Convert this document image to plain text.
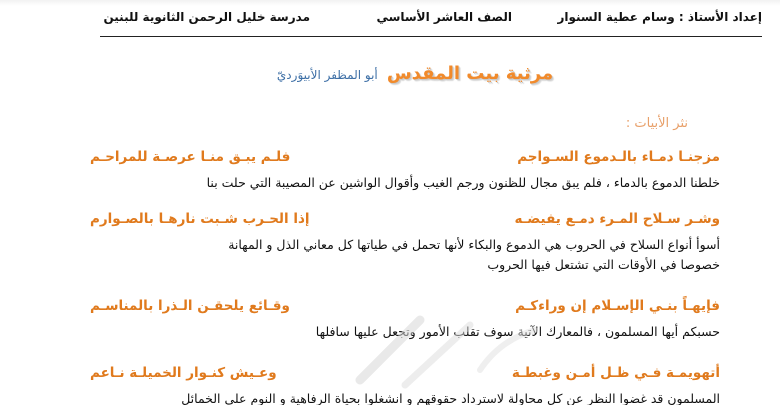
إعداد الأستاذ : وسام عطية السنوار
الصف العاشر الأساسي
مدرسة خليل الرحمن الثانوية للبنين
مرثية بيت المقدس أبو المظفر الأبيوَرديّ
نثر الأبيات :
مزجنـا دمـاء بالـدموع السـواجم
فلـم يبـق منـا عرصـة للمراحـم
خلطنا الدموع بالدماء ، فلم يبق مجال للظنون ورجم الغيب وأقوال الواشين عن المصيبة التي حلت بنا
وشـر سـلاح المـرء دمـع يفيضـه
إذا الحـرب شـبت نارهـا بالصـوارم
أسوأ أنواع السلاح في الحروب هي الدموع والبكاء لأنها تحمل في طياتها كل معاني الذل و المهانة
خصوصا في الأوقات التي تشتعل فيها الحروب
فإيهـاً بنـي الإسـلام إن وراءكـم
وقـائع يلحقـن الـذرا بالمناسـم
حسبكم أيها المسلمون ، فالمعارك الآتية سوف تقلب الأمور وتجعل عليها سافلها
أتهويمـة فـي ظـل أمـن وغبطـة
وعـيش كنـوار الخميلـة نـاعم
المسلمون قد غضوا النظر عن كل محاولة لاسترداد حقوقهم و انشغلوا بحياة الرفاهية و النوم على الخمائل
